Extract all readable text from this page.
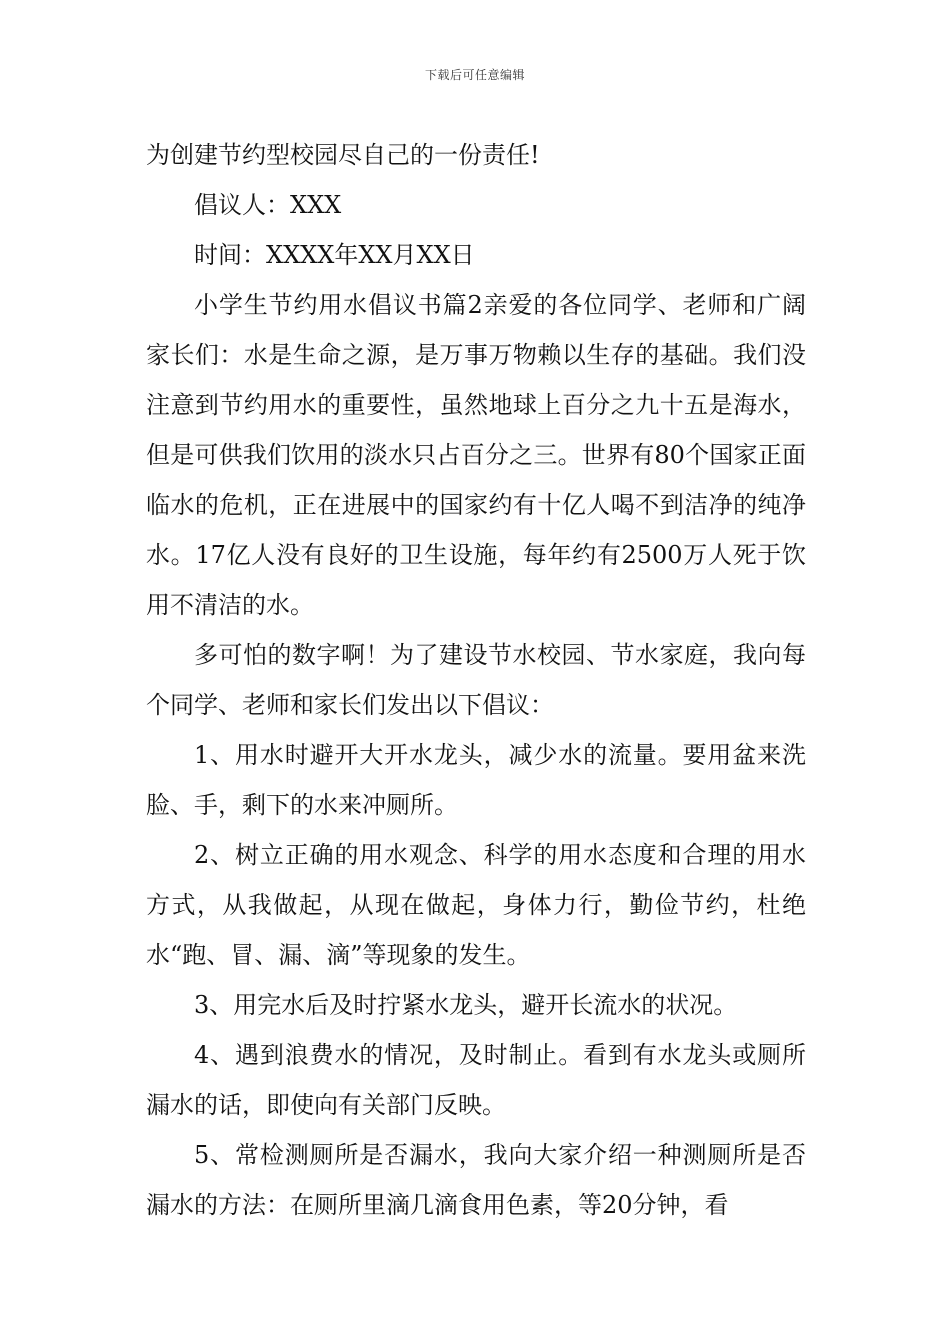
下载后可任意编辑

为创建节约型校园尽自己的一份责任!

倡议人：XXX

时间：XXXX年XX月XX日

小学生节约用水倡议书篇2亲爱的各位同学、老师和广阔家长们：水是生命之源，是万事万物赖以生存的基础。我们没注意到节约用水的重要性，虽然地球上百分之九十五是海水，但是可供我们饮用的淡水只占百分之三。世界有80个国家正面临水的危机，正在进展中的国家约有十亿人喝不到洁净的纯净水。17亿人没有良好的卫生设施，每年约有2500万人死于饮用不清洁的水。

多可怕的数字啊！为了建设节水校园、节水家庭，我向每个同学、老师和家长们发出以下倡议：

1、用水时避开大开水龙头，减少水的流量。要用盆来洗脸、手，剩下的水来冲厕所。

2、树立正确的用水观念、科学的用水态度和合理的用水方式，从我做起，从现在做起，身体力行，勤俭节约，杜绝水“跑、冒、漏、滴”等现象的发生。

3、用完水后及时拧紧水龙头，避开长流水的状况。

4、遇到浪费水的情况，及时制止。看到有水龙头或厕所漏水的话，即使向有关部门反映。

5、常检测厕所是否漏水，我向大家介绍一种测厕所是否漏水的方法：在厕所里滴几滴食用色素，等20分钟，看
